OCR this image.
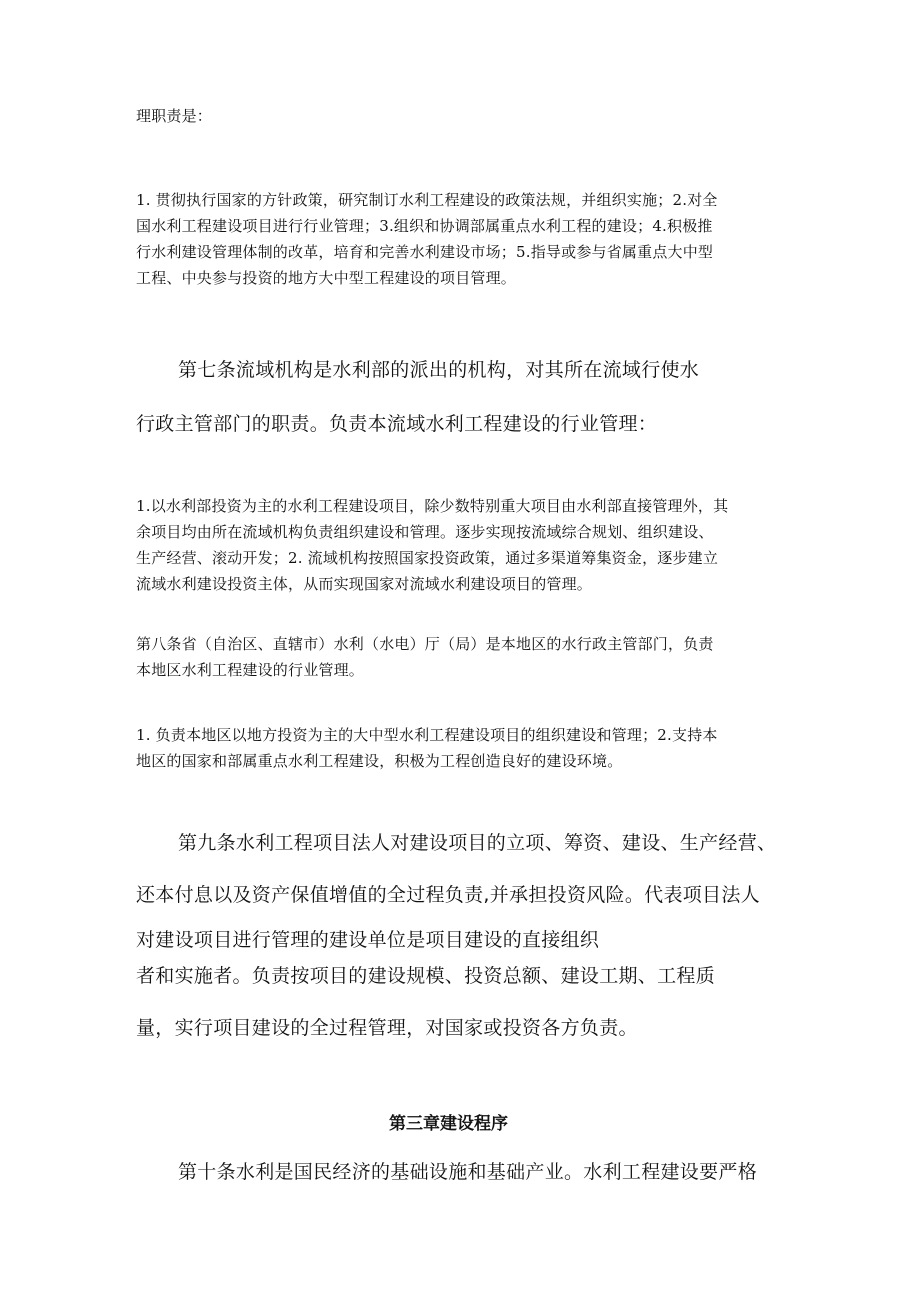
理职责是：

1. 贯彻执行国家的方针政策，研究制订水利工程建设的政策法规，并组织实施；2.对全

国水利工程建设项目进行行业管理；3.组织和协调部属重点水利工程的建设；4.积极推

行水利建设管理体制的改革，培育和完善水利建设市场；5.指导或参与省属重点大中型

工程、中央参与投资的地方大中型工程建设的项目管理。

第七条流域机构是水利部的派出的机构，对其所在流域行使水

行政主管部门的职责。负责本流域水利工程建设的行业管理：

1.以水利部投资为主的水利工程建设项目，除少数特别重大项目由水利部直接管理外，其

余项目均由所在流域机构负责组织建设和管理。逐步实现按流域综合规划、组织建设、

生产经营、滚动开发；2. 流域机构按照国家投资政策，通过多渠道筹集资金，逐步建立

流域水利建设投资主体，从而实现国家对流域水利建设项目的管理。

第八条省（自治区、直辖市）水利（水电）厅（局）是本地区的水行政主管部门，负责

本地区水利工程建设的行业管理。

1. 负责本地区以地方投资为主的大中型水利工程建设项目的组织建设和管理；2.支持本

地区的国家和部属重点水利工程建设，积极为工程创造良好的建设环境。

第九条水利工程项目法人对建设项目的立项、筹资、建设、生产经营、

还本付息以及资产保值增值的全过程负责,并承担投资风险。代表项目法人

对建设项目进行管理的建设单位是项目建设的直接组织

者和实施者。负责按项目的建设规模、投资总额、建设工期、工程质

量，实行项目建设的全过程管理，对国家或投资各方负责。

第三章建设程序

第十条水利是国民经济的基础设施和基础产业。水利工程建设要严格
